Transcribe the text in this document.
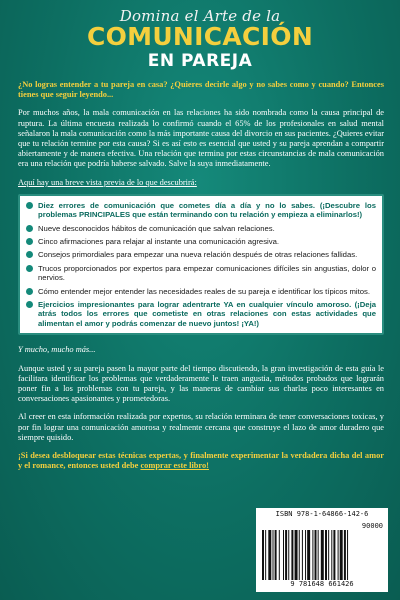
Domina el Arte de la
COMUNICACIÓN
EN PAREJA

¿No logras entender a tu pareja en casa? ¿Quieres decirle algo y no sabes como y cuando? Entonces tienes que seguir leyendo...

Por muchos años, la mala comunicación en las relaciones ha sido nombrada como la causa principal de ruptura. La última encuesta realizada lo confirmó cuando el 65% de los profesionales en salud mental señalaron la mala comunicación como la más importante causa del divorcio en sus pacientes. ¿Quieres evitar que tu relación termine por esta causa? Si es así esto es esencial que usted y su pareja aprendan a compartir abiertamente y de manera efectiva. Una relación que termina por estas circunstancias de mala comunicación era una relación que podría haberse salvado. Salve la suya inmediatamente.

Aquí hay una breve vista previa de lo que descubrirá:

Diez errores de comunicación que cometes día a día y no lo sabes. (¡Descubre los problemas PRINCIPALES que están terminando con tu relación y empieza a eliminarlos!)
Nueve desconocidos hábitos de comunicación que salvan relaciones.
Cinco afirmaciones para relajar al instante una comunicación agresiva.
Consejos primordiales para empezar una nueva relación después de otras relaciones fallidas.
Trucos proporcionados por expertos para empezar comunicaciones difíciles sin angustias, dolor o nervios.
Cómo entender mejor entender las necesidades reales de su pareja e identificar los típicos mitos.
Ejercicios impresionantes para lograr adentrarte YA en cualquier vínculo amoroso. (¡Deja atrás todos los errores que cometiste en otras relaciones con estas actividades que alimentan el amor y podrás comenzar de nuevo juntos! ¡YA!)

Y mucho, mucho más...

Aunque usted y su pareja pasen la mayor parte del tiempo discutiendo, la gran investigación de esta guía le facilitara identificar los problemas que verdaderamente le traen angustia, métodos probados que lograrán poner fin a los problemas con tu pareja, y las maneras de cambiar sus charlas poco interesantes en conversaciones apasionantes y prometedoras.

Al creer en esta información realizada por expertos, su relación terminara de tener conversaciones toxicas, y por fin lograr una comunicación amorosa y realmente cercana que construye el lazo de amor duradero que siempre quisido.

¡Si desea desbloquear estas técnicas expertas, y finalmente experimentar la verdadera dicha del amor y el romance, entonces usted debe comprar este libro!

ISBN 978-1-64866-142-6
90000
9 781648 661426
